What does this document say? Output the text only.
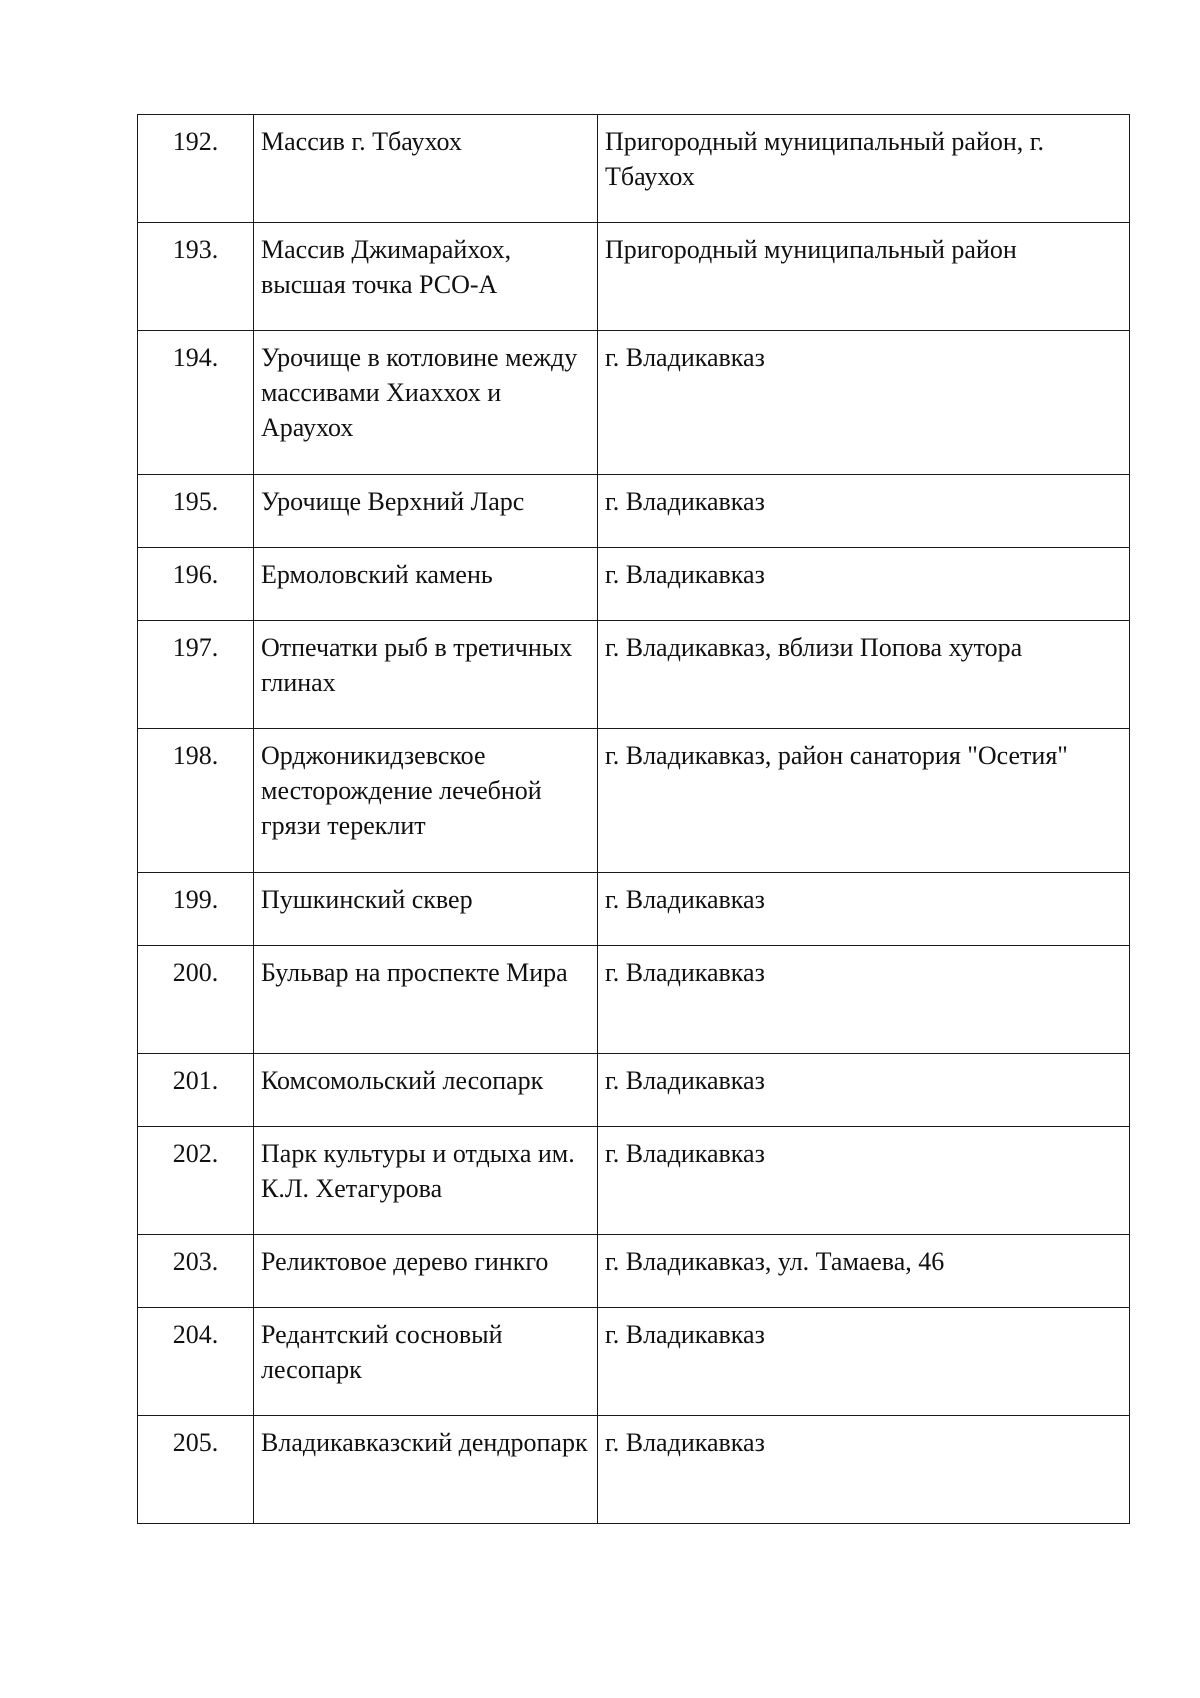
192.	Массив г. Тбаухох	Пригородный муниципальный район, г. Тбаухох
193.	Массив Джимарайхох, высшая точка РСО-А	Пригородный муниципальный район
194.	Урочище в котловине между массивами Хиаххох и Араухох	г. Владикавказ
195.	Урочище Верхний Ларс	г. Владикавказ
196.	Ермоловский камень	г. Владикавказ
197.	Отпечатки рыб в третичных глинах	г. Владикавказ, вблизи Попова хутора
198.	Орджоникидзевское месторождение лечебной грязи тереклит	г. Владикавказ, район санатория "Осетия"
199.	Пушкинский сквер	г. Владикавказ
200.	Бульвар на проспекте Мира	г. Владикавказ
201.	Комсомольский лесопарк	г. Владикавказ
202.	Парк культуры и отдыха им. К.Л. Хетагурова	г. Владикавказ
203.	Реликтовое дерево гинкго	г. Владикавказ, ул. Тамаева, 46
204.	Редантский сосновый лесопарк	г. Владикавказ
205.	Владикавказский дендропарк	г. Владикавказ
